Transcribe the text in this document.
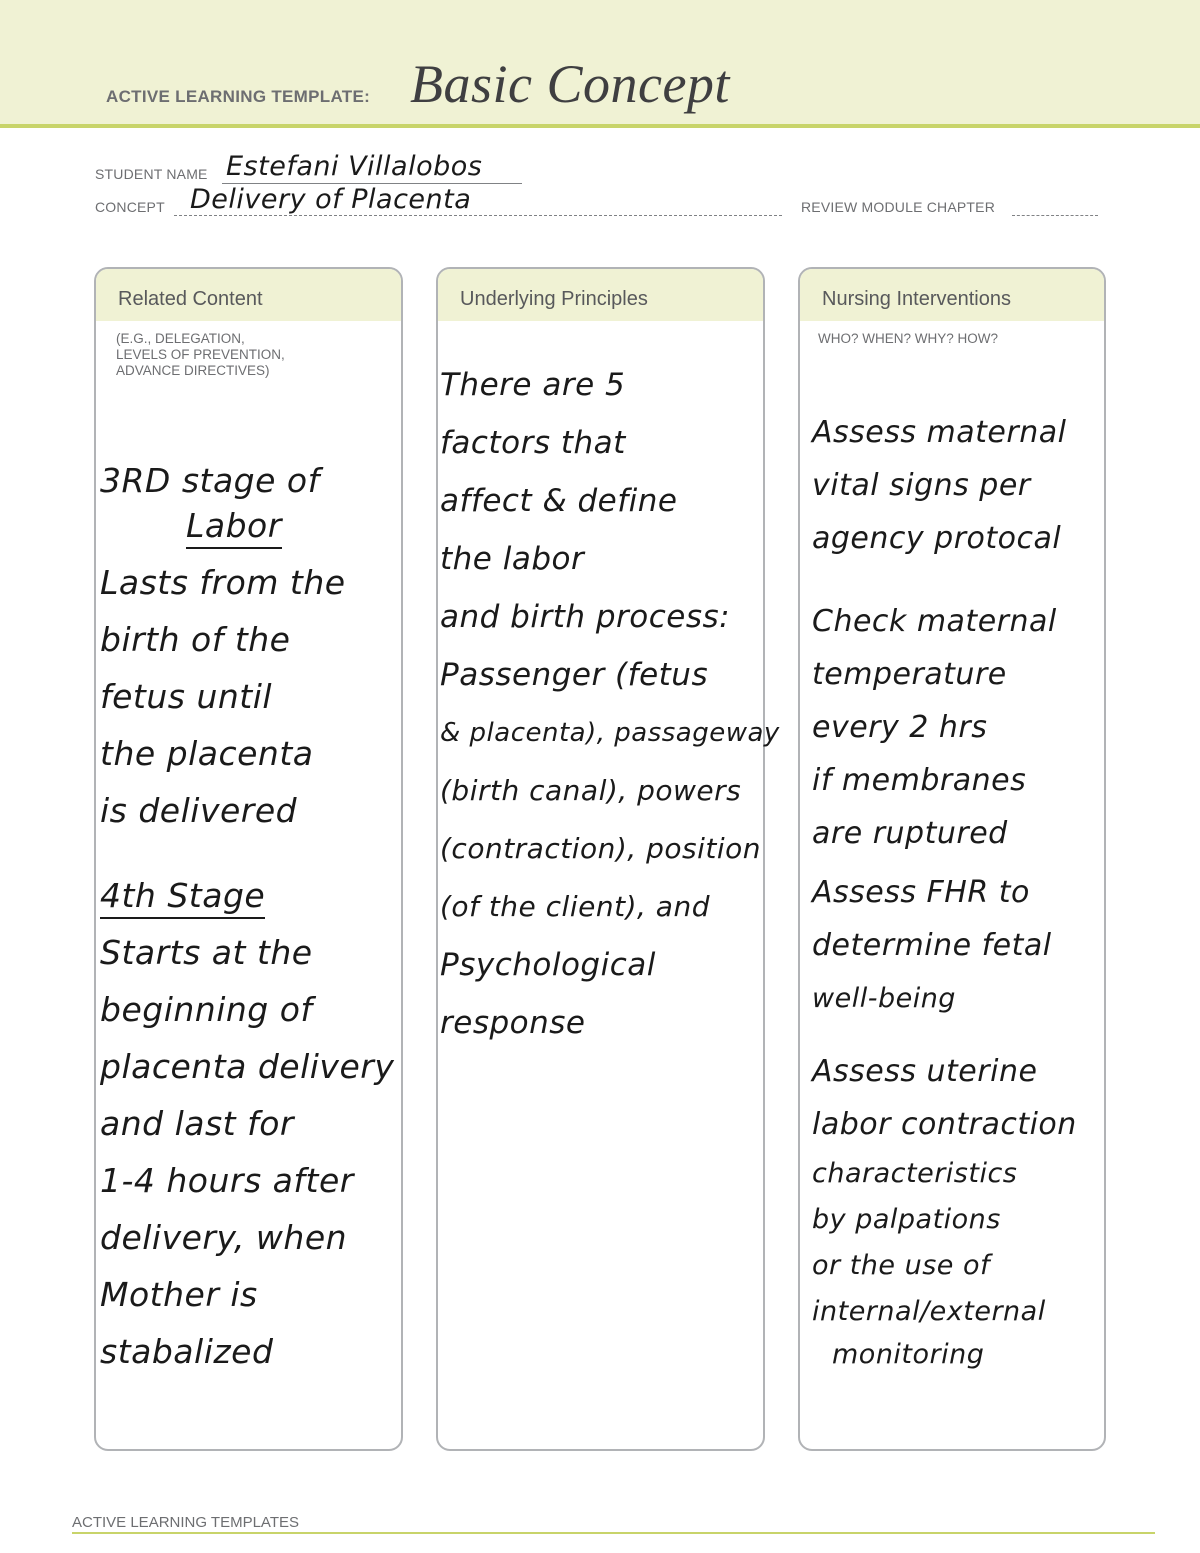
ACTIVE LEARNING TEMPLATE: Basic Concept
STUDENT NAME Estefani Villalobos
CONCEPT Delivery of Placenta	REVIEW MODULE CHAPTER
Related Content
(E.G., DELEGATION,
LEVELS OF PREVENTION,
ADVANCE DIRECTIVES)
3RD stage of
Labor
Lasts from the
birth of the
fetus until
the placenta
is delivered
4th Stage
Starts at the
beginning of
placenta delivery
and last for
1-4 hours after
delivery, when
Mother is
stabalized
Underlying Principles
There are 5
factors that
affect & define
the labor
and birth process:
Passenger (fetus
& placenta), passageway
(birth canal), powers
(contraction), position
(of the client), and
Psychological
response
Nursing Interventions
WHO? WHEN? WHY? HOW?
Assess maternal
vital signs per
agency protocal
Check maternal
temperature
every 2 hrs
if membranes
are ruptured
Assess FHR to
determine fetal
well-being
Assess uterine
labor contraction
characteristics
by palpations
or the use of
internal/external
monitoring
ACTIVE LEARNING TEMPLATES
